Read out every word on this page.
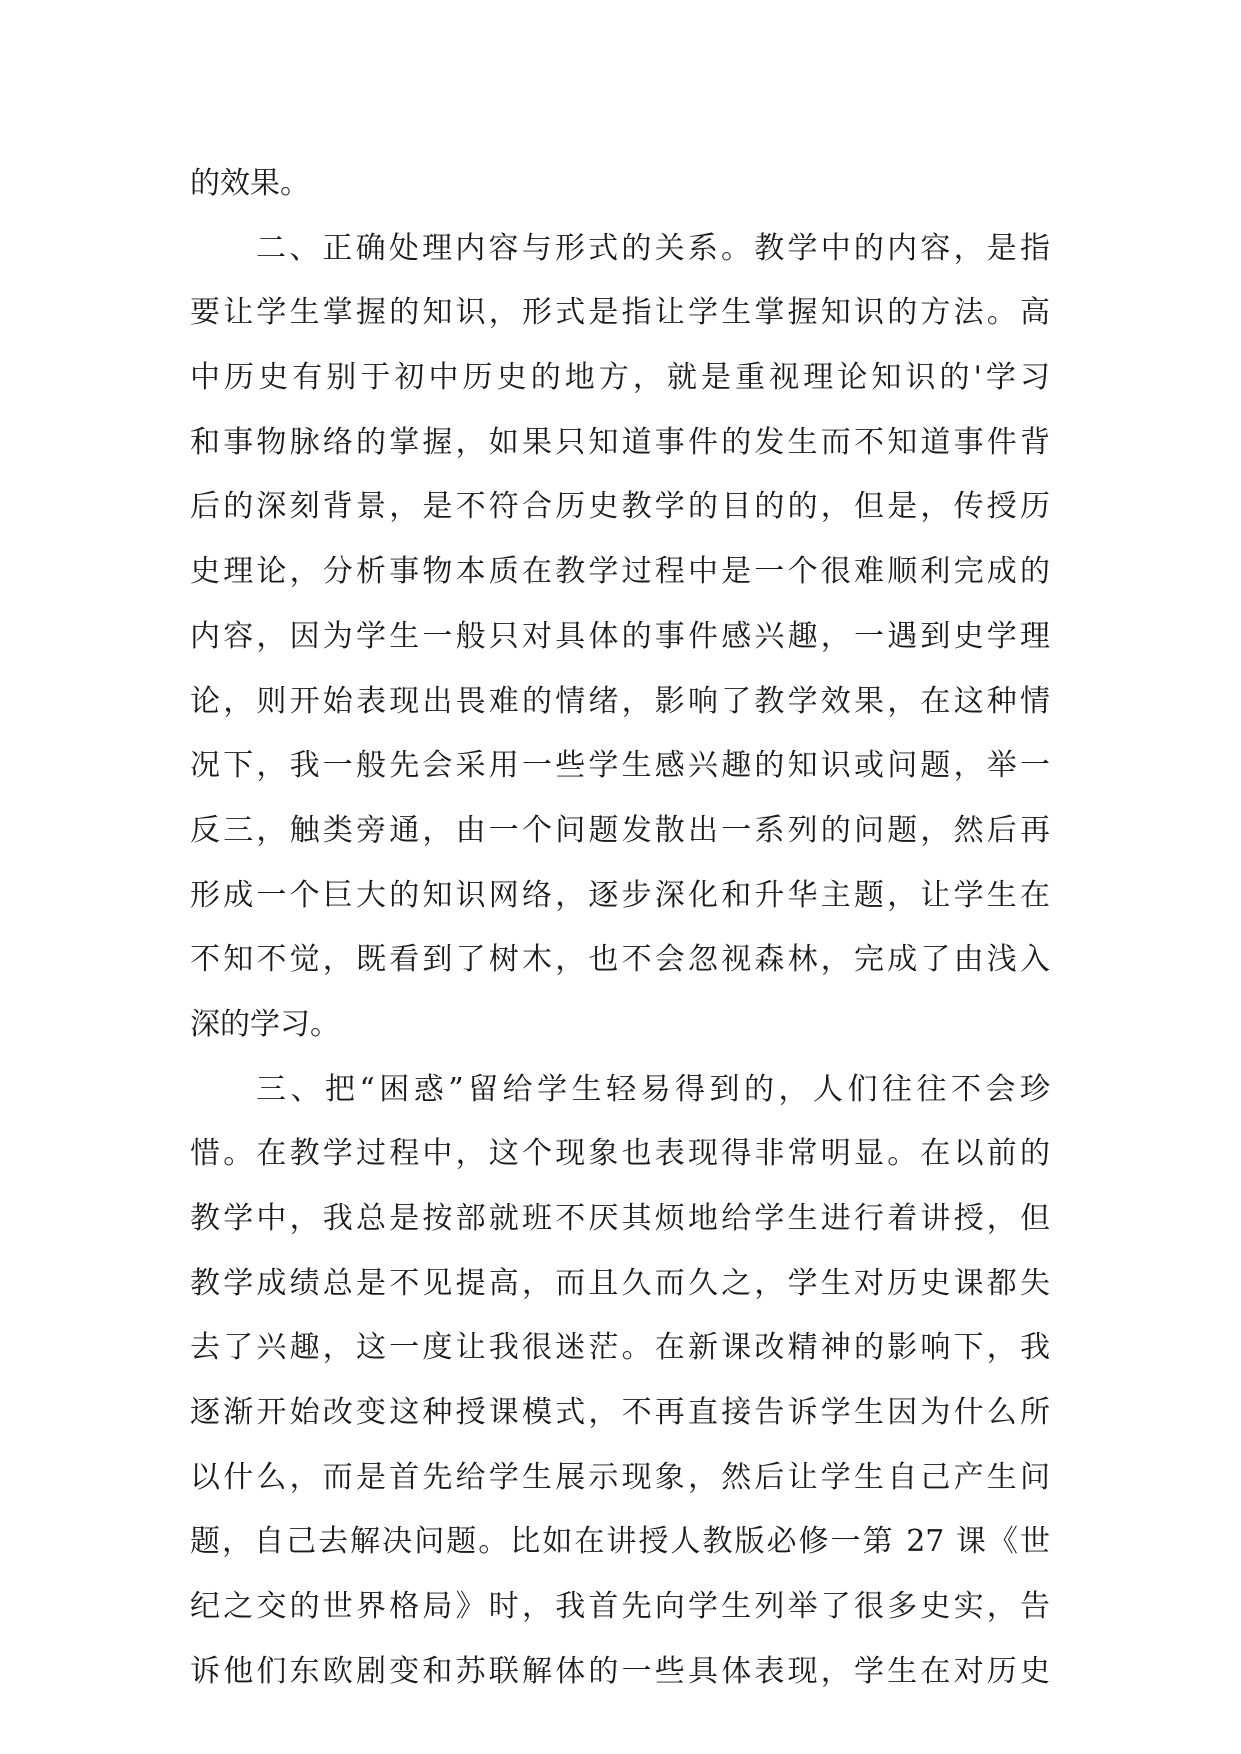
的效果。
二、正确处理内容与形式的关系。教学中的内容，是指
要让学生掌握的知识，形式是指让学生掌握知识的方法。高
中历史有别于初中历史的地方，就是重视理论知识的'学习
和事物脉络的掌握，如果只知道事件的发生而不知道事件背
后的深刻背景，是不符合历史教学的目的的，但是，传授历
史理论，分析事物本质在教学过程中是一个很难顺利完成的
内容，因为学生一般只对具体的事件感兴趣，一遇到史学理
论，则开始表现出畏难的情绪，影响了教学效果，在这种情
况下，我一般先会采用一些学生感兴趣的知识或问题，举一
反三，触类旁通，由一个问题发散出一系列的问题，然后再
形成一个巨大的知识网络，逐步深化和升华主题，让学生在
不知不觉，既看到了树木，也不会忽视森林，完成了由浅入
深的学习。
三、把“困惑”留给学生轻易得到的，人们往往不会珍
惜。在教学过程中，这个现象也表现得非常明显。在以前的
教学中，我总是按部就班不厌其烦地给学生进行着讲授，但
教学成绩总是不见提高，而且久而久之，学生对历史课都失
去了兴趣，这一度让我很迷茫。在新课改精神的影响下，我
逐渐开始改变这种授课模式，不再直接告诉学生因为什么所
以什么，而是首先给学生展示现象，然后让学生自己产生问
题，自己去解决问题。比如在讲授人教版必修一第 27 课《世
纪之交的世界格局》时，我首先向学生列举了很多史实，告
诉他们东欧剧变和苏联解体的一些具体表现，学生在对历史
